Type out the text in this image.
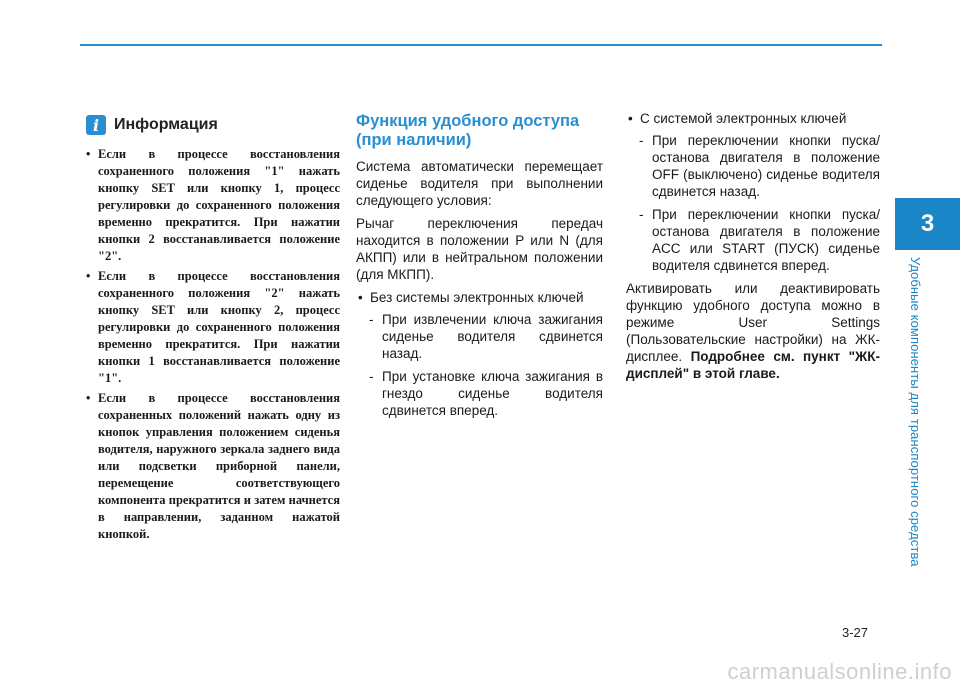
3
Удобные компоненты для транспортного средства
i Информация
• Если в процессе восстановления сохраненного положения "1" нажать кнопку SET или кнопку 1, процесс регулировки до сохраненного положения временно прекратится. При нажатии кнопки 2 восстанавливается положение "2".
• Если в процессе восстановления сохраненного положения "2" нажать кнопку SET или кнопку 2, процесс регулировки до сохраненного положения временно прекратится. При нажатии кнопки 1 восстанавливается положение "1".
• Если в процессе восстановления сохраненных положений нажать одну из кнопок управления положением сиденья водителя, наружного зеркала заднего вида или подсветки приборной панели, перемещение соответствующего компонента прекратится и затем начнется в направлении, заданном нажатой кнопкой.
Функция удобного доступа
(при наличии)

Система автоматически перемещает сиденье водителя при выполнении следующего условия:

Рычаг переключения передач находится в положении P или N (для АКПП) или в нейтральном положении (для МКПП).

• Без системы электронных ключей
- При извлечении ключа зажигания сиденье водителя сдвинется назад.
- При установке ключа зажигания в гнездо сиденье водителя сдвинется вперед.
• С системой электронных ключей
- При переключении кнопки пуска/останова двигателя в положение OFF (выключено) сиденье водителя сдвинется назад.
- При переключении кнопки пуска/останова двигателя в положение ACC или START (ПУСК) сиденье водителя сдвинется вперед.

Активировать или деактивировать функцию удобного доступа можно в режиме User Settings (Пользовательские настройки) на ЖК-дисплее. Подробнее см. пункт "ЖК-дисплей" в этой главе.

3-27
carmanualsonline.info
